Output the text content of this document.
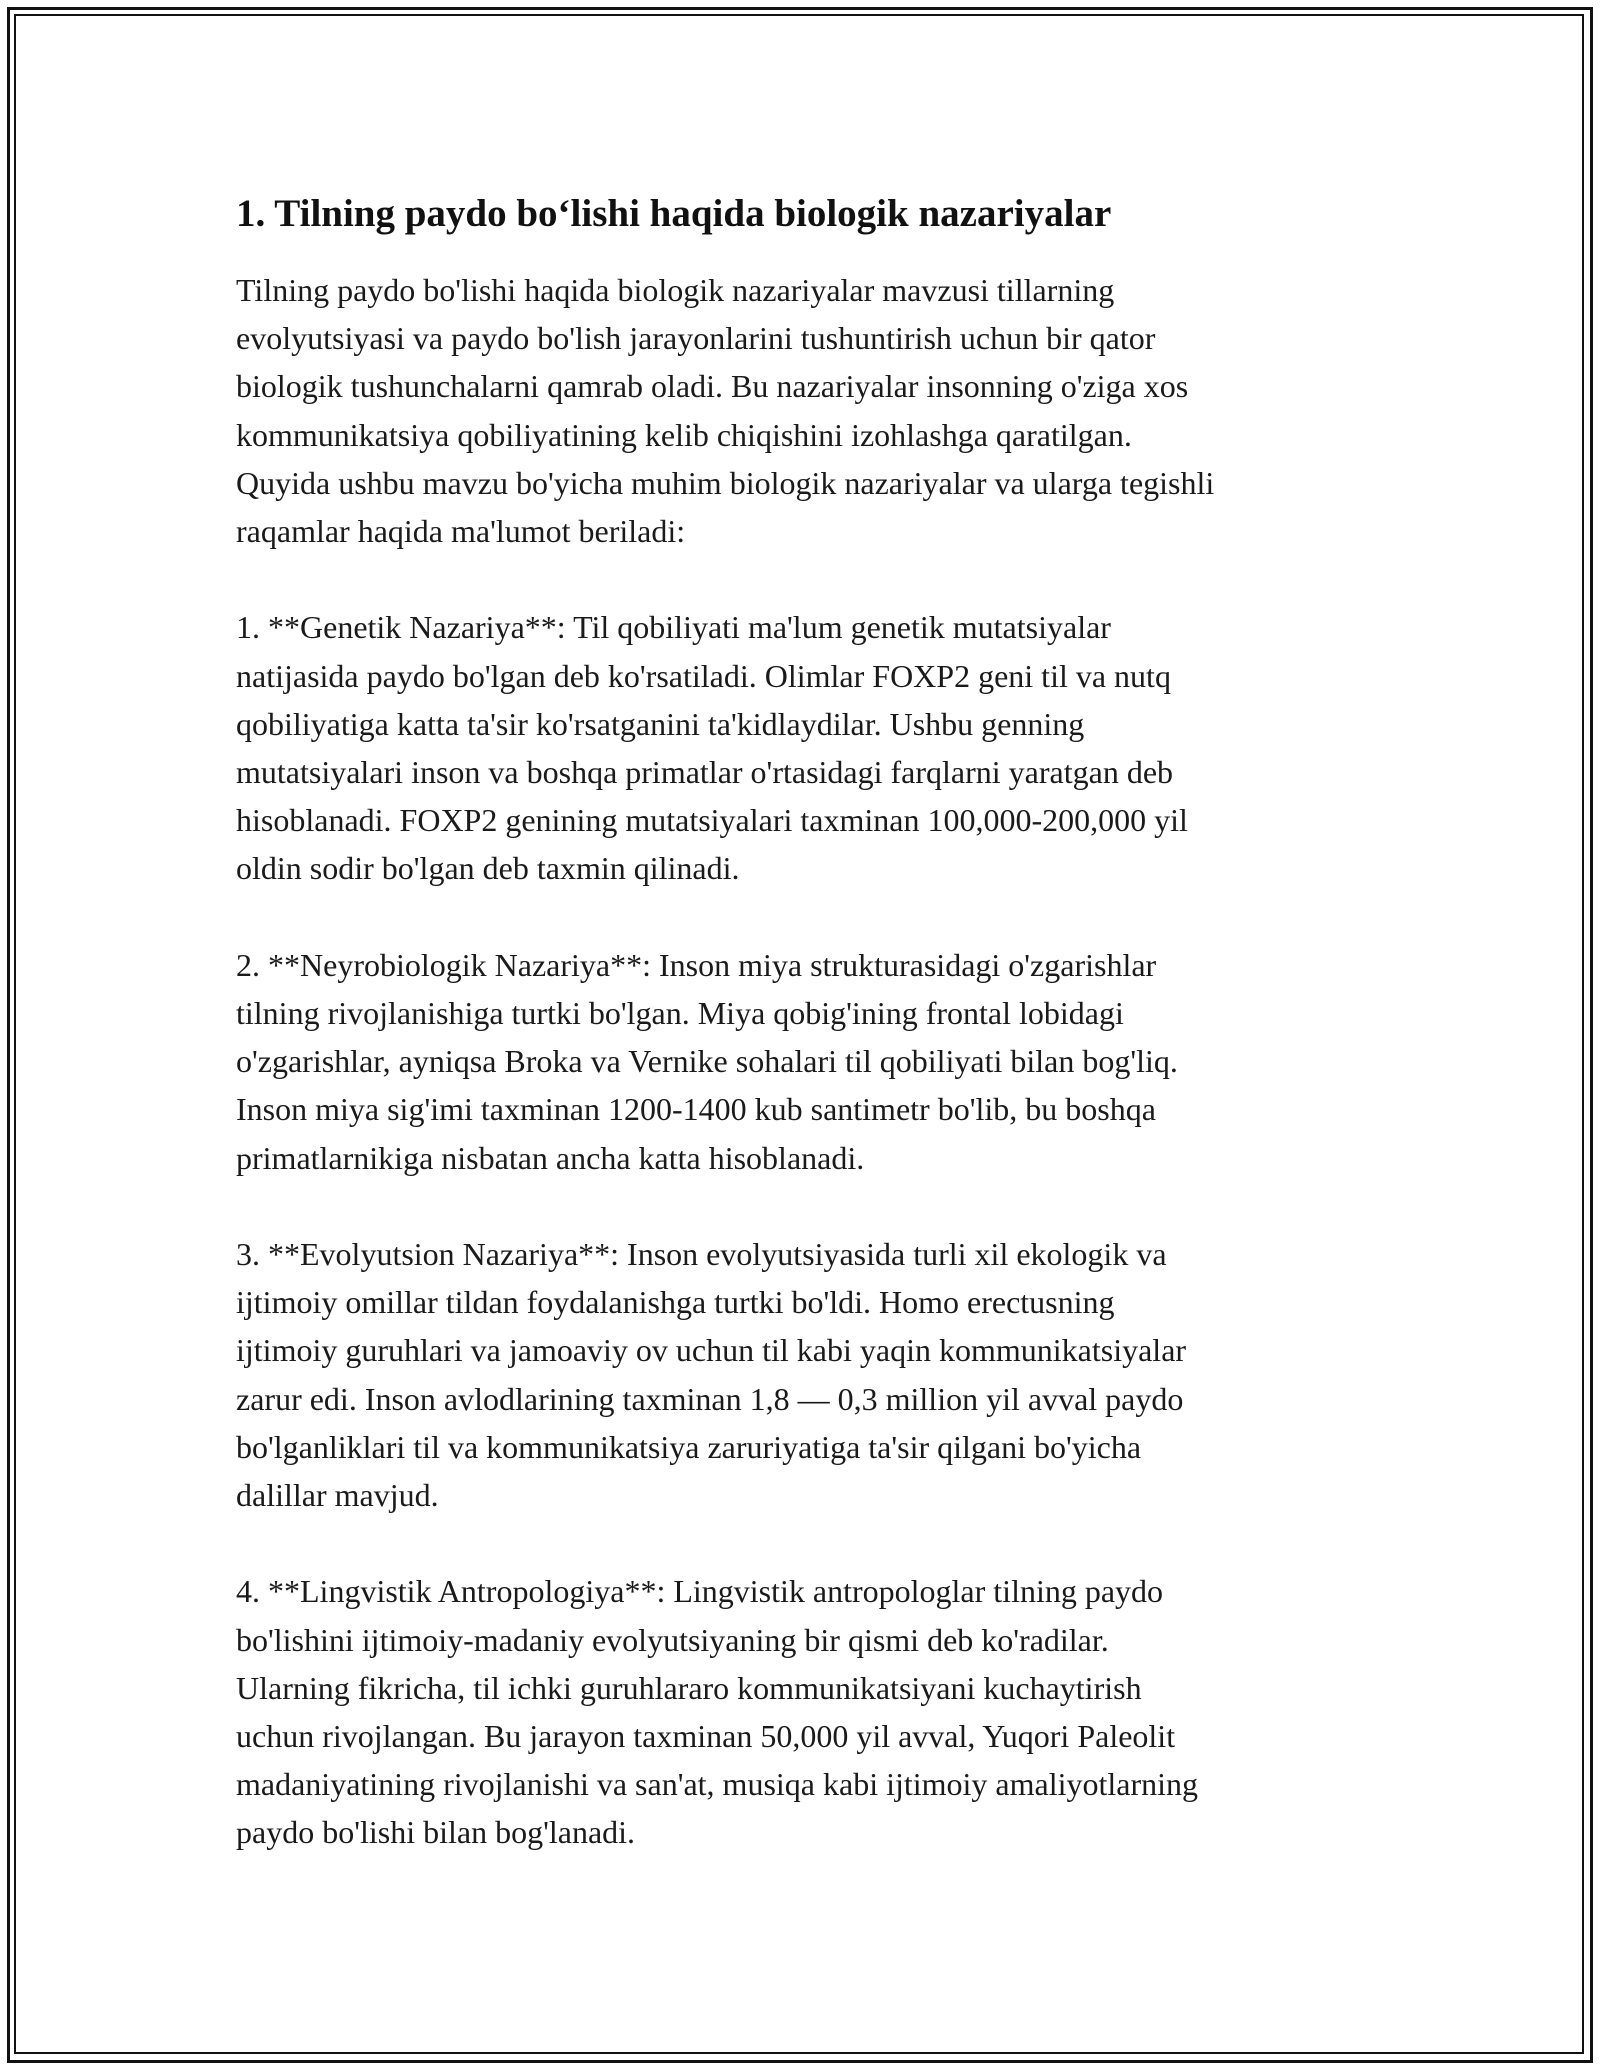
1. Tilning paydo bo‘lishi haqida biologik nazariyalar

Tilning paydo bo'lishi haqida biologik nazariyalar mavzusi tillarning
evolyutsiyasi va paydo bo'lish jarayonlarini tushuntirish uchun bir qator
biologik tushunchalarni qamrab oladi. Bu nazariyalar insonning o'ziga xos
kommunikatsiya qobiliyatining kelib chiqishini izohlashga qaratilgan.
Quyida ushbu mavzu bo'yicha muhim biologik nazariyalar va ularga tegishli
raqamlar haqida ma'lumot beriladi:

1. **Genetik Nazariya**: Til qobiliyati ma'lum genetik mutatsiyalar
natijasida paydo bo'lgan deb ko'rsatiladi. Olimlar FOXP2 geni til va nutq
qobiliyatiga katta ta'sir ko'rsatganini ta'kidlaydilar. Ushbu genning
mutatsiyalari inson va boshqa primatlar o'rtasidagi farqlarni yaratgan deb
hisoblanadi. FOXP2 genining mutatsiyalari taxminan 100,000-200,000 yil
oldin sodir bo'lgan deb taxmin qilinadi.

2. **Neyrobiologik Nazariya**: Inson miya strukturasidagi o'zgarishlar
tilning rivojlanishiga turtki bo'lgan. Miya qobig'ining frontal lobidagi
o'zgarishlar, ayniqsa Broka va Vernike sohalari til qobiliyati bilan bog'liq.
Inson miya sig'imi taxminan 1200-1400 kub santimetr bo'lib, bu boshqa
primatlarnikiga nisbatan ancha katta hisoblanadi.

3. **Evolyutsion Nazariya**: Inson evolyutsiyasida turli xil ekologik va
ijtimoiy omillar tildan foydalanishga turtki bo'ldi. Homo erectusning
ijtimoiy guruhlari va jamoaviy ov uchun til kabi yaqin kommunikatsiyalar
zarur edi. Inson avlodlarining taxminan 1,8 — 0,3 million yil avval paydo
bo'lganliklari til va kommunikatsiya zaruriyatiga ta'sir qilgani bo'yicha
dalillar mavjud.

4. **Lingvistik Antropologiya**: Lingvistik antropologlar tilning paydo
bo'lishini ijtimoiy-madaniy evolyutsiyaning bir qismi deb ko'radilar.
Ularning fikricha, til ichki guruhlararo kommunikatsiyani kuchaytirish
uchun rivojlangan. Bu jarayon taxminan 50,000 yil avval, Yuqori Paleolit
madaniyatining rivojlanishi va san'at, musiqa kabi ijtimoiy amaliyotlarning
paydo bo'lishi bilan bog'lanadi.
